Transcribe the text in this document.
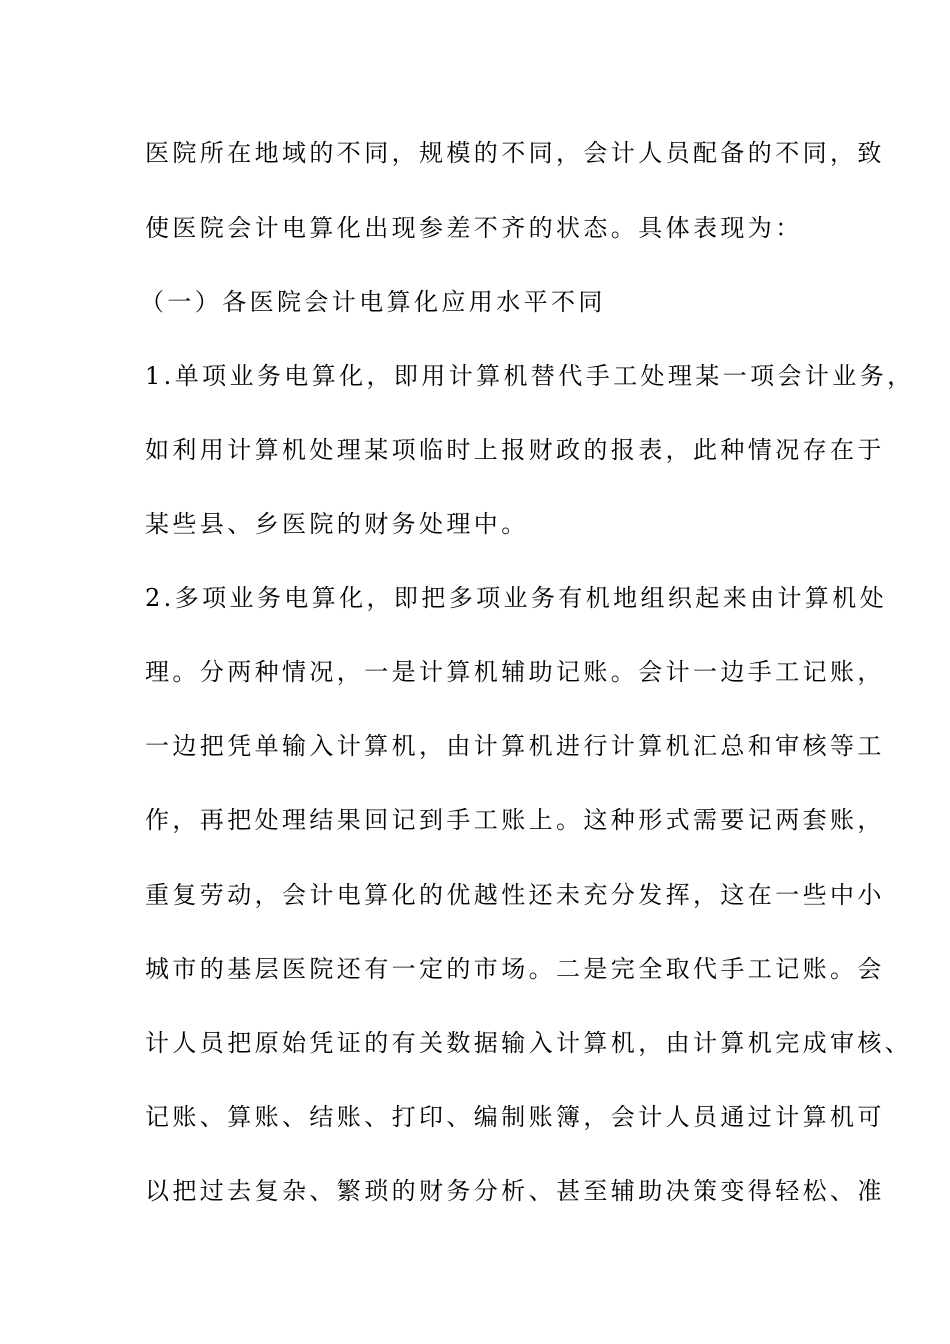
医院所在地域的不同，规模的不同，会计人员配备的不同，致
使医院会计电算化出现参差不齐的状态。具体表现为：
（一）各医院会计电算化应用水平不同
1.单项业务电算化，即用计算机替代手工处理某一项会计业务，
如利用计算机处理某项临时上报财政的报表，此种情况存在于
某些县、乡医院的财务处理中。
2.多项业务电算化，即把多项业务有机地组织起来由计算机处
理。分两种情况，一是计算机辅助记账。会计一边手工记账，
一边把凭单输入计算机，由计算机进行计算机汇总和审核等工
作，再把处理结果回记到手工账上。这种形式需要记两套账，
重复劳动，会计电算化的优越性还未充分发挥，这在一些中小
城市的基层医院还有一定的市场。二是完全取代手工记账。会
计人员把原始凭证的有关数据输入计算机，由计算机完成审核、
记账、算账、结账、打印、编制账簿，会计人员通过计算机可
以把过去复杂、繁琐的财务分析、甚至辅助决策变得轻松、准
